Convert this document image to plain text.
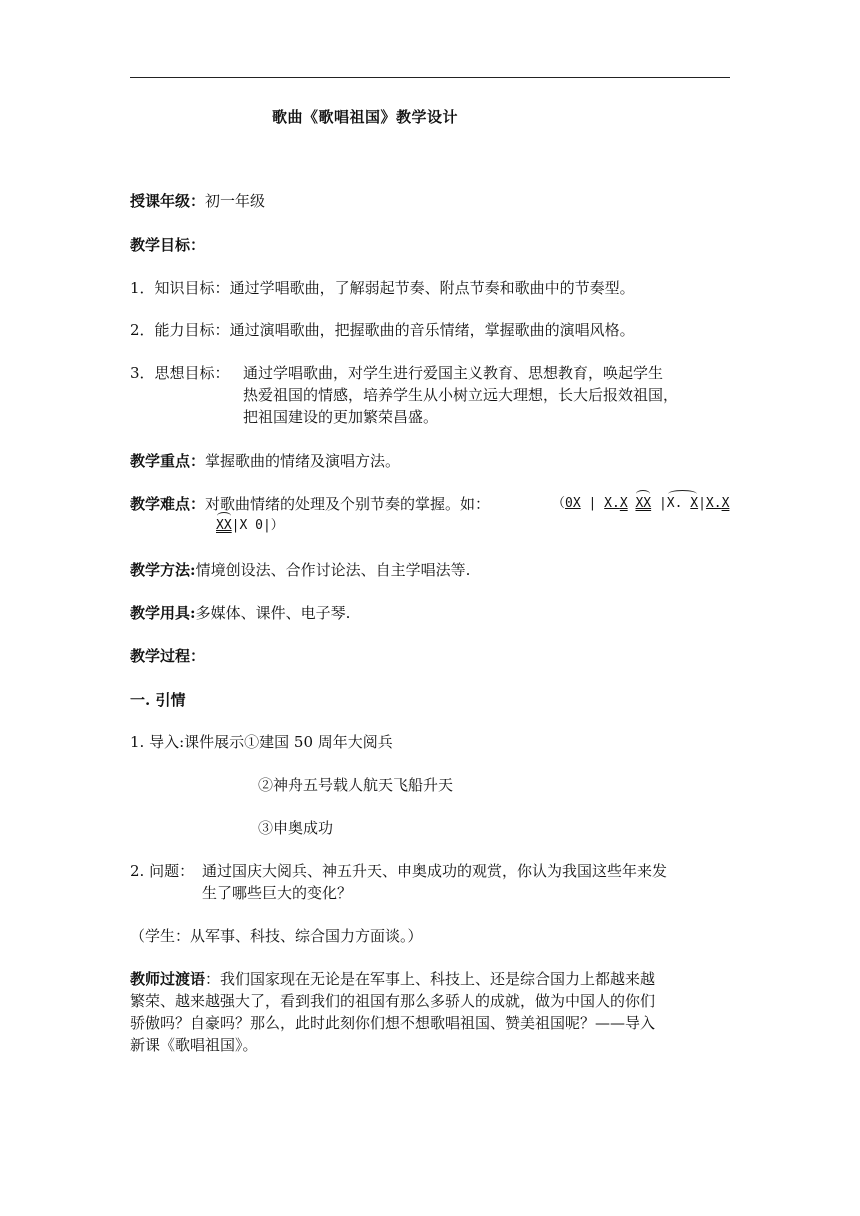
歌曲《歌唱祖国》教学设计
授课年级：初一年级
教学目标：
1．知识目标：通过学唱歌曲，了解弱起节奏、附点节奏和歌曲中的节奏型。
2．能力目标：通过演唱歌曲，把握歌曲的音乐情绪，掌握歌曲的演唱风格。
3．思想目标： 通过学唱歌曲，对学生进行爱国主义教育、思想教育，唤起学生
热爱祖国的情感，培养学生从小树立远大理想，长大后报效祖国，
把祖国建设的更加繁荣昌盛。
教学重点：掌握歌曲的情绪及演唱方法。
教学难点：对歌曲情绪的处理及个别节奏的掌握。如：	（0X | X.X XX |X. X|X.X
XX|X 0|）
教学方法:情境创设法、合作讨论法、自主学唱法等.
教学用具:多媒体、课件、电子琴.
教学过程：
一. 引情
1. 导入:课件展示①建国 50 周年大阅兵
②神舟五号载人航天飞船升天
③申奥成功
2. 问题： 通过国庆大阅兵、神五升天、申奥成功的观赏，你认为我国这些年来发
生了哪些巨大的变化？
（学生：从军事、科技、综合国力方面谈。）
教师过渡语：我们国家现在无论是在军事上、科技上、还是综合国力上都越来越
繁荣、越来越强大了，看到我们的祖国有那么多骄人的成就，做为中国人的你们
骄傲吗？自豪吗？那么，此时此刻你们想不想歌唱祖国、赞美祖国呢？——导入
新课《歌唱祖国》。
